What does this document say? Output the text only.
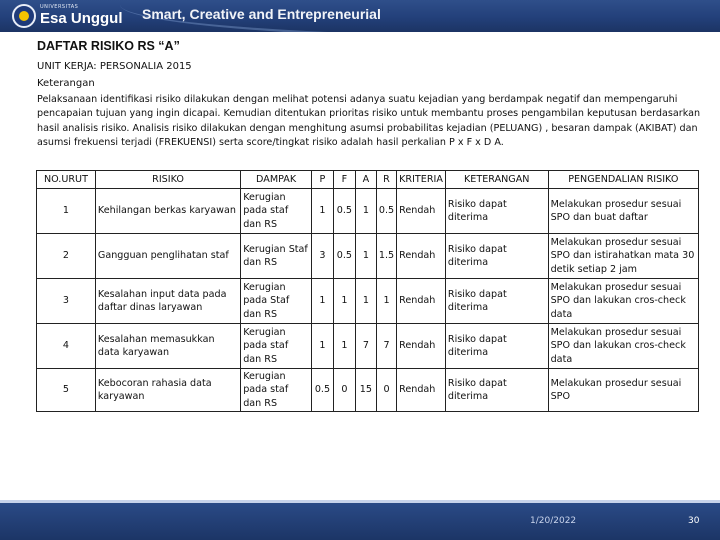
UNIVERSITAS
Esa Unggul Smart, Creative and Entrepreneurial
DAFTAR RISIKO RS “A”
UNIT KERJA: PERSONALIA 2015
Keterangan
Pelaksanaan identifikasi risiko dilakukan dengan melihat potensi adanya suatu kejadian yang berdampak negatif dan mempengaruhi pencapaian tujuan yang ingin dicapai. Kemudian ditentukan prioritas risiko untuk membantu proses pengambilan keputusan berdasarkan hasil analisis risiko. Analisis risiko dilakukan dengan menghitung asumsi probabilitas kejadian (PELUANG) , besaran dampak (AKIBAT) dan asumsi frekuensi terjadi (FREKUENSI) serta score/tingkat risiko adalah hasil perkalian P x F x D A.
NO.URUT	RISIKO	DAMPAK	P	F	A	R	KRITERIA	KETERANGAN	PENGENDALIAN RISIKO
1	Kehilangan berkas karyawan	Kerugian pada staf dan RS	1	0.5	1	0.5	Rendah	Risiko dapat diterima	Melakukan prosedur sesuai SPO dan buat daftar
2	Gangguan penglihatan staf	Kerugian Staf dan RS	3	0.5	1	1.5	Rendah	Risiko dapat diterima	Melakukan prosedur sesuai SPO dan istirahatkan mata 30 detik setiap 2 jam
3	Kesalahan input data pada daftar dinas laryawan	Kerugian pada Staf dan RS	1	1	1	1	Rendah	Risiko dapat diterima	Melakukan prosedur sesuai SPO dan lakukan cros-check data
4	Kesalahan memasukkan data karyawan	Kerugian pada staf dan RS	1	1	7	7	Rendah	Risiko dapat diterima	Melakukan prosedur sesuai SPO dan lakukan cros-check data
5	Kebocoran rahasia data karyawan	Kerugian pada staf dan RS	0.5	0	15	0	Rendah	Risiko dapat diterima	Melakukan prosedur sesuai SPO
1/20/2022	30
